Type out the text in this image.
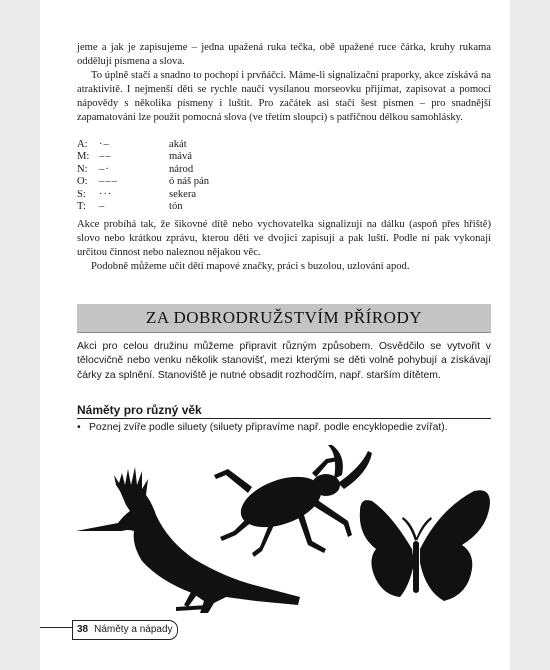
jeme a jak je zapisujeme – jedna upažená ruka tečka, obě upažené ruce čárka, kruhy rukama oddělují písmena a slova.

To úplně stačí a snadno to pochopí i prvňáčci. Máme-li signalizační praporky, akce získává na atraktivitě. I nejmenší děti se rychle naučí vysílanou morseovku přijímat, zapisovat a pomocí nápovědy s několika písmeny i luštit. Pro začátek asi stačí šest písmen – pro snadnější zapamatování lze použít pomocná slova (ve třetím sloupci) s patřičnou délkou samohlásky.

A: ·–	akát
M: ––	mává
N: –·	národ
O: –––	ó náš pán
S: ···	sekera
T: –	tón

Akce probíhá tak, že šikovné dítě nebo vychovatelka signalizují na dálku (aspoň přes hřiště) slovo nebo krátkou zprávu, kterou děti ve dvojici zapisují a pak luští. Podle ní pak vykonají určitou činnost nebo naleznou nějakou věc.

Podobně můžeme učit děti mapové značky, práci s buzolou, uzlování apod.

ZA DOBRODRUŽSTVÍM PŘÍRODY

Akci pro celou družinu můžeme připravit různým způsobem. Osvědčilo se vytvořit v tělocvičně nebo venku několik stanovišť, mezi kterými se děti volně pohybují a získávají čárky za splnění. Stanoviště je nutné obsadit rozhodčím, např. starším dítětem.

Náměty pro různý věk
• Poznej zvíře podle siluety (siluety připravíme např. podle encyklopedie zvířat).
38 Náměty a nápady
